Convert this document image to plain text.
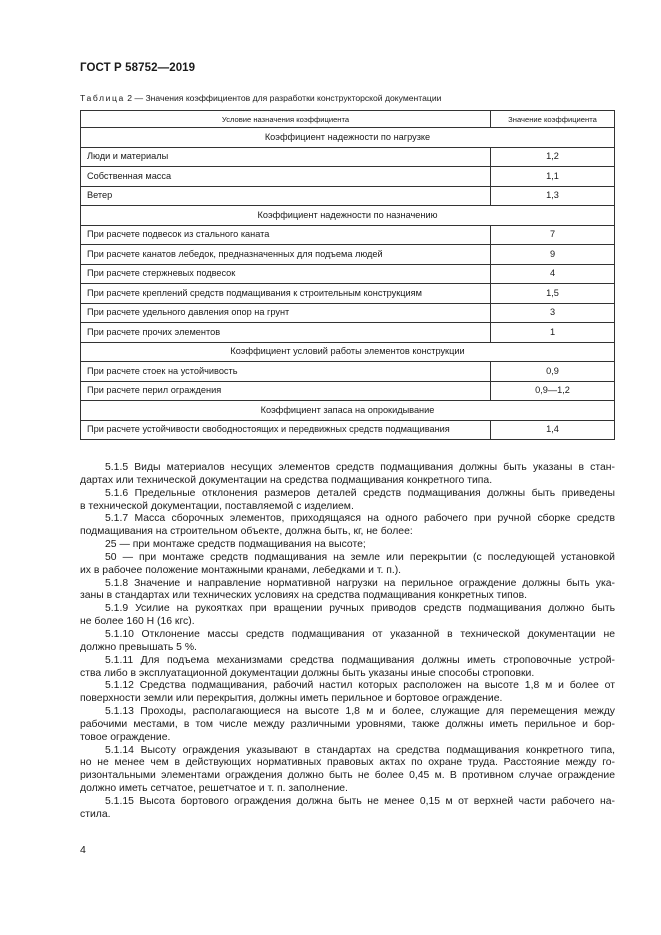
ГОСТ Р 58752—2019
Таблица 2 — Значения коэффициентов для разработки конструкторской документации
Условие назначения коэффициента	Значение коэффициента
Коэффициент надежности по нагрузке	
Люди и материалы	1,2
Собственная масса	1,1
Ветер	1,3
Коэффициент надежности по назначению	
При расчете подвесок из стального каната	7
При расчете канатов лебедок, предназначенных для подъема людей	9
При расчете стержневых подвесок	4
При расчете креплений средств подмащивания к строительным конструкциям	1,5
При расчете удельного давления опор на грунт	3
При расчете прочих элементов	1
Коэффициент условий работы элементов конструкции	
При расчете стоек на устойчивость	0,9
При расчете перил ограждения	0,9—1,2
Коэффициент запаса на опрокидывание	
При расчете устойчивости свободностоящих и передвижных средств подмащивания	1,4

5.1.5 Виды материалов несущих элементов средств подмащивания должны быть указаны в стан-

дартах или технической документации на средства подмащивания конкретного типа.

5.1.6 Предельные отклонения размеров деталей средств подмащивания должны быть приведены

в технической документации, поставляемой с изделием.

5.1.7 Масса сборочных элементов, приходящаяся на одного рабочего при ручной сборке средств

подмащивания на строительном объекте, должна быть, кг, не более:

25 — при монтаже средств подмащивания на высоте;

50 — при монтаже средств подмащивания на земле или перекрытии (с последующей установкой

их в рабочее положение монтажными кранами, лебедками и т. п.).

5.1.8 Значение и направление нормативной нагрузки на перильное ограждение должны быть ука-

заны в стандартах или технических условиях на средства подмащивания конкретных типов.

5.1.9 Усилие на рукоятках при вращении ручных приводов средств подмащивания должно быть

не более 160 Н (16 кгс).

5.1.10 Отклонение массы средств подмащивания от указанной в технической документации не

должно превышать 5 %.

5.1.11 Для подъема механизмами средства подмащивания должны иметь строповочные устрой-

ства либо в эксплуатационной документации должны быть указаны иные способы строповки.

5.1.12 Средства подмащивания, рабочий настил которых расположен на высоте 1,8 м и более от

поверхности земли или перекрытия, должны иметь перильное и бортовое ограждение.

5.1.13 Проходы, располагающиеся на высоте 1,8 м и более, служащие для перемещения между

рабочими местами, в том числе между различными уровнями, также должны иметь перильное и бор-

товое ограждение.

5.1.14 Высоту ограждения указывают в стандартах на средства подмащивания конкретного типа,

но не менее чем в действующих нормативных правовых актах по охране труда. Расстояние между го-

ризонтальными элементами ограждения должно быть не более 0,45 м. В противном случае ограждение

должно иметь сетчатое, решетчатое и т. п. заполнение.

5.1.15 Высота бортового ограждения должна быть не менее 0,15 м от верхней части рабочего на-

стила.

4
